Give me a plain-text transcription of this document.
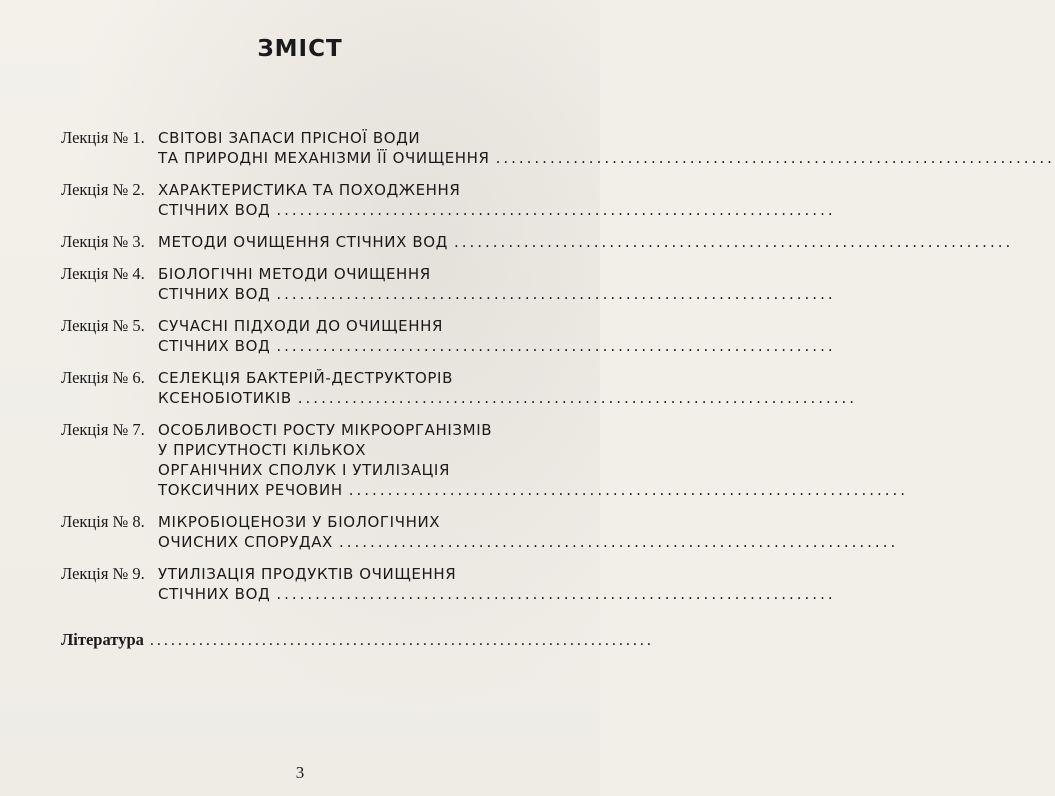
ЗМІСТ
Лекція № 1. СВІТОВІ ЗАПАСИ ПРІСНОЇ ВОДИ
ТА ПРИРОДНІ МЕХАНІЗМИ ЇЇ ОЧИЩЕННЯ ........................................................................
Лекція № 2. ХАРАКТЕРИСТИКА ТА ПОХОДЖЕННЯ
СТІЧНИХ ВОД ........................................................................
Лекція № 3. МЕТОДИ ОЧИЩЕННЯ СТІЧНИХ ВОД ........................................................................
Лекція № 4. БІОЛОГІЧНІ МЕТОДИ ОЧИЩЕННЯ
СТІЧНИХ ВОД ........................................................................
Лекція № 5. СУЧАСНІ ПІДХОДИ ДО ОЧИЩЕННЯ
СТІЧНИХ ВОД ........................................................................
Лекція № 6. СЕЛЕКЦІЯ БАКТЕРІЙ-ДЕСТРУКТОРІВ
КСЕНОБІОТИКІВ ........................................................................
Лекція № 7. ОСОБЛИВОСТІ РОСТУ МІКРООРГАНІЗМІВ
У ПРИСУТНОСТІ КІЛЬКОХ
ОРГАНІЧНИХ СПОЛУК І УТИЛІЗАЦІЯ
ТОКСИЧНИХ РЕЧОВИН ........................................................................
Лекція № 8. МІКРОБІОЦЕНОЗИ У БІОЛОГІЧНИХ
ОЧИСНИХ СПОРУДАХ ........................................................................
Лекція № 9. УТИЛІЗАЦІЯ ПРОДУКТІВ ОЧИЩЕННЯ
СТІЧНИХ ВОД ........................................................................
Література ........................................................................
3
